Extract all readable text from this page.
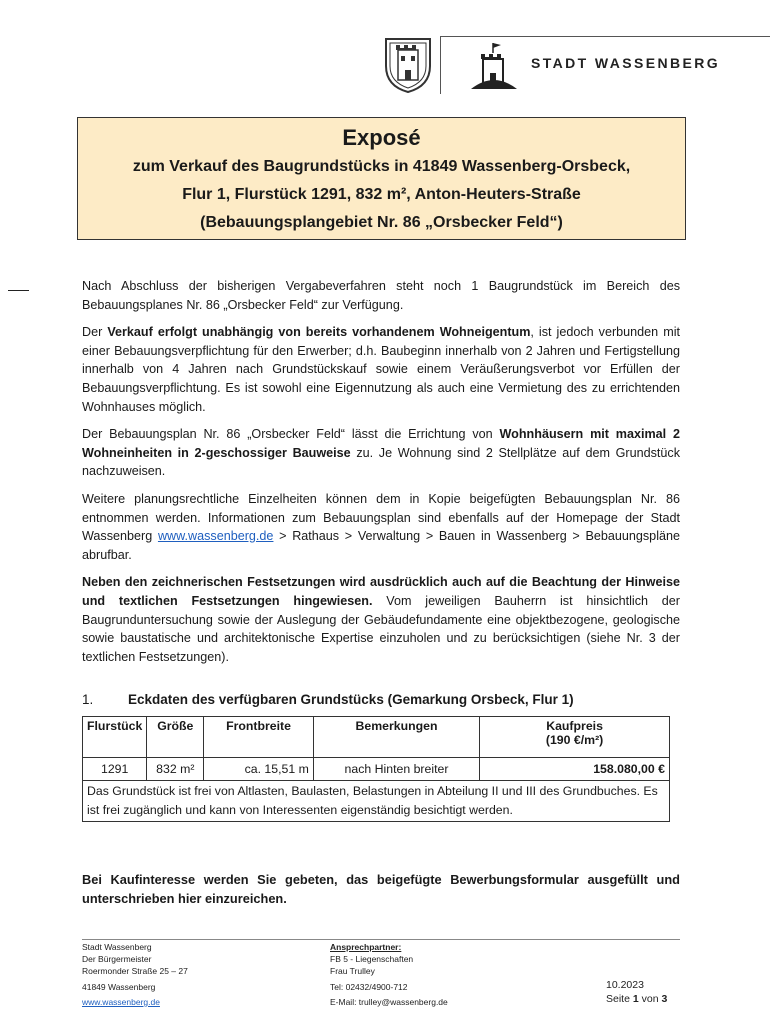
STADT WASSENBERG
Exposé
zum Verkauf des Baugrundstücks in 41849 Wassenberg-Orsbeck,
Flur 1, Flurstück 1291, 832 m², Anton-Heuters-Straße
(Bebauungsplangebiet Nr. 86 „Orsbecker Feld“)

Nach Abschluss der bisherigen Vergabeverfahren steht noch 1 Baugrundstück im Bereich des Bebauungsplanes Nr. 86 „Orsbecker Feld“ zur Verfügung.

Der Verkauf erfolgt unabhängig von bereits vorhandenem Wohneigentum, ist jedoch verbunden mit einer Bebauungsverpflichtung für den Erwerber; d.h. Baubeginn innerhalb von 2 Jahren und Fertigstellung innerhalb von 4 Jahren nach Grundstückskauf sowie einem Veräußerungsverbot vor Erfüllen der Bebauungsverpflichtung. Es ist sowohl eine Eigennutzung als auch eine Vermietung des zu errichtenden Wohnhauses möglich.

Der Bebauungsplan Nr. 86 „Orsbecker Feld“ lässt die Errichtung von Wohnhäusern mit maximal 2 Wohneinheiten in 2-geschossiger Bauweise zu. Je Wohnung sind 2 Stellplätze auf dem Grundstück nachzuweisen.

Weitere planungsrechtliche Einzelheiten können dem in Kopie beigefügten Bebauungsplan Nr. 86 entnommen werden. Informationen zum Bebauungsplan sind ebenfalls auf der Homepage der Stadt Wassenberg www.wassenberg.de > Rathaus > Verwaltung > Bauen in Wassenberg > Bebauungspläne abrufbar.

Neben den zeichnerischen Festsetzungen wird ausdrücklich auch auf die Beachtung der Hinweise und textlichen Festsetzungen hingewiesen. Vom jeweiligen Bauherrn ist hinsichtlich der Baugrunduntersuchung sowie der Auslegung der Gebäudefundamente eine objektbezogene, geologische sowie baustatische und architektonische Expertise einzuholen und zu berücksichtigen (siehe Nr. 3 der textlichen Festsetzungen).

1.	Eckdaten des verfügbaren Grundstücks (Gemarkung Orsbeck, Flur 1)
Flurstück	Größe	Frontbreite	Bemerkungen	Kaufpreis
(190 €/m²)
1291	832 m²	ca. 15,51 m	nach Hinten breiter	158.080,00 €
Das Grundstück ist frei von Altlasten, Baulasten, Belastungen in Abteilung II und III des Grundbuches. Es ist frei zugänglich und kann von Interessenten eigenständig besichtigt werden.				
Bei Kaufinteresse werden Sie gebeten, das beigefügte Bewerbungsformular ausgefüllt und unterschrieben hier einzureichen.
Stadt Wassenberg
Der Bürgermeister
Roermonder Straße 25 – 27
41849 Wassenberg
www.wassenberg.de
Ansprechpartner:
FB 5 - Liegenschaften
Frau Trulley
Tel: 02432/4900-712
E-Mail: trulley@wassenberg.de
10.2023
Seite 1 von 3
